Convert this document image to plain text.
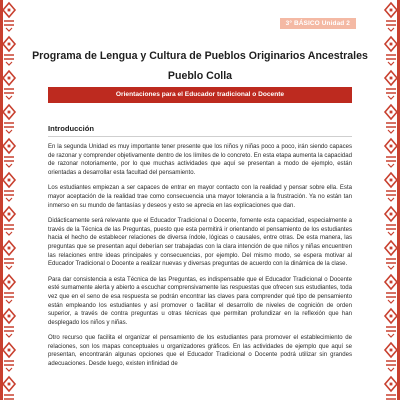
3° BÁSICO Unidad 2
Programa de Lengua y Cultura de Pueblos Originarios Ancestrales
Pueblo Colla
Orientaciones para el Educador tradicional o Docente
Introducción

En la segunda Unidad es muy importante tener presente que los niños y niñas poco a poco, irán siendo capaces de razonar y comprender objetivamente dentro de los límites de lo concreto. En esta etapa aumenta la capacidad de razonar notoriamente, por lo que muchas actividades que aquí se presentan a modo de ejemplo, están orientadas a desarrollar esta facultad del pensamiento.

Los estudiantes empiezan a ser capaces de entrar en mayor contacto con la realidad y pensar sobre ella. Esta mayor aceptación de la realidad trae como consecuencia una mayor tolerancia a la frustración. Ya no están tan inmerso en su mundo de fantasías y deseos y esto se aprecia en las explicaciones que dan.

Didácticamente será relevante que el Educador Tradicional o Docente, fomente esta capacidad, especialmente a través de la Técnica de las Preguntas, puesto que esta permitirá ir orientando el pensamiento de los estudiantes hacia el hecho de establecer relaciones de diversa índole, lógicas o causales, entre otras. De esta manera, las preguntas que se presentan aquí deberían ser trabajadas con la clara intención de que niños y niñas encuentren las relaciones entre ideas principales y consecuencias, por ejemplo. Del mismo modo, se espera motivar al Educador Tradicional o Docente a realizar nuevas y diversas preguntas de acuerdo con la dinámica de la clase.

Para dar consistencia a esta Técnica de las Preguntas, es indispensable que el Educador Tradicional o Docente esté sumamente alerta y abierto a escuchar comprensivamente las respuestas que ofrecen sus estudiantes, toda vez que en el seno de esa respuesta se podrán encontrar las claves para comprender qué tipo de pensamiento están empleando los estudiantes y así promover o facilitar el desarrollo de niveles de cognición de orden superior, a través de contra preguntas u otras técnicas que permitan profundizar en la reflexión que han desplegado los niños y niñas.

Otro recurso que facilita el organizar el pensamiento de los estudiantes para promover el establecimiento de relaciones, son los mapas conceptuales u organizadores gráficos. En las actividades de ejemplo que aquí se presentan, encontrarán algunas opciones que el Educador Tradicional o Docente podrá utilizar sin grandes adecuaciones. Desde luego, existen infinidad de
